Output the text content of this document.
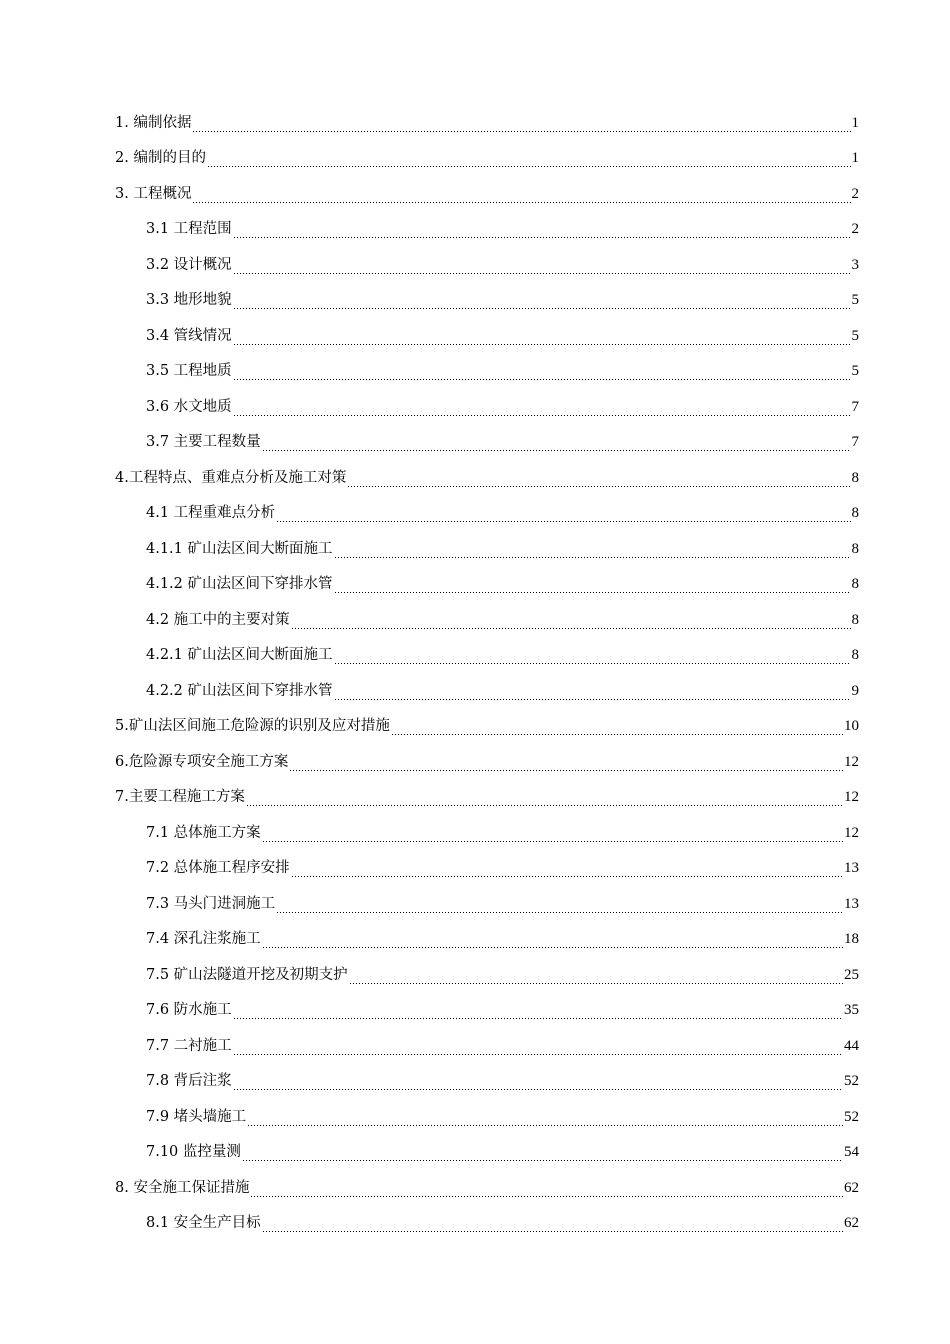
1. 编制依据	1
2. 编制的目的	1
3. 工程概况	2
3.1 工程范围	2
3.2 设计概况	3
3.3 地形地貌	5
3.4 管线情况	5
3.5 工程地质	5
3.6 水文地质	7
3.7 主要工程数量	7
4.工程特点、重难点分析及施工对策	8
4.1 工程重难点分析	8
4.1.1 矿山法区间大断面施工	8
4.1.2 矿山法区间下穿排水管	8
4.2 施工中的主要对策	8
4.2.1 矿山法区间大断面施工	8
4.2.2 矿山法区间下穿排水管	9
5.矿山法区间施工危险源的识别及应对措施	10
6.危险源专项安全施工方案	12
7.主要工程施工方案	12
7.1 总体施工方案	12
7.2 总体施工程序安排	13
7.3 马头门进洞施工	13
7.4 深孔注浆施工	18
7.5 矿山法隧道开挖及初期支护	25
7.6 防水施工	35
7.7 二衬施工	44
7.8 背后注浆	52
7.9 堵头墙施工	52
7.10 监控量测	54
8. 安全施工保证措施	62
8.1 安全生产目标	62
